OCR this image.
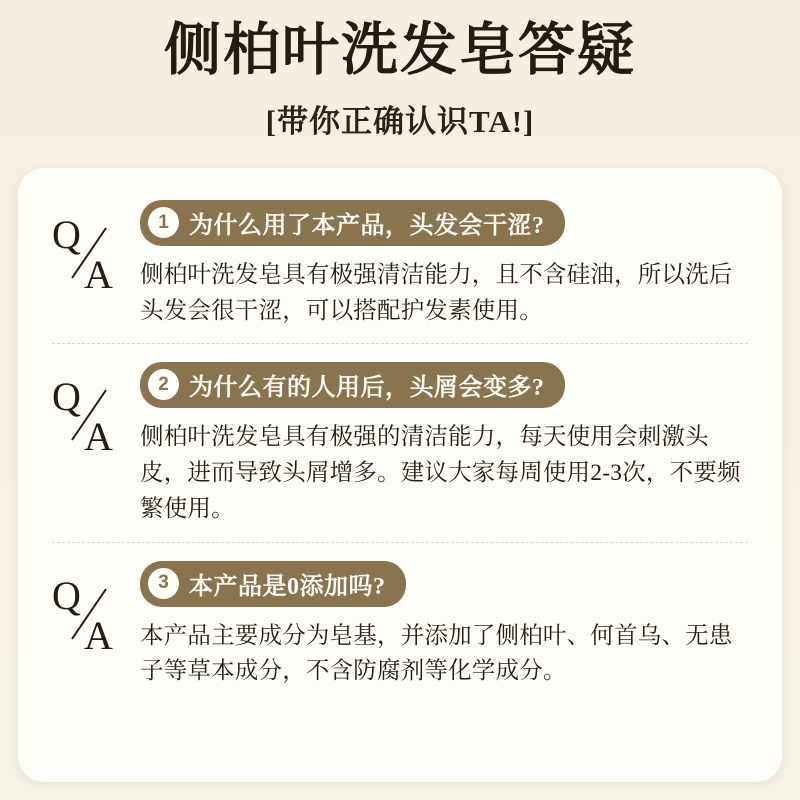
侧柏叶洗发皂答疑
[带你正确认识TA!]
Q
A
1 为什么用了本产品，头发会干涩?

侧柏叶洗发皂具有极强清洁能力，且不含硅油，所以洗后头发会很干涩，可以搭配护发素使用。

Q
A
2 为什么有的人用后，头屑会变多?

侧柏叶洗发皂具有极强的清洁能力，每天使用会刺激头皮，进而导致头屑增多。建议大家每周使用2-3次，不要频繁使用。

Q
A
3 本产品是0添加吗?

本产品主要成分为皂基，并添加了侧柏叶、何首乌、无患子等草本成分，不含防腐剂等化学成分。
